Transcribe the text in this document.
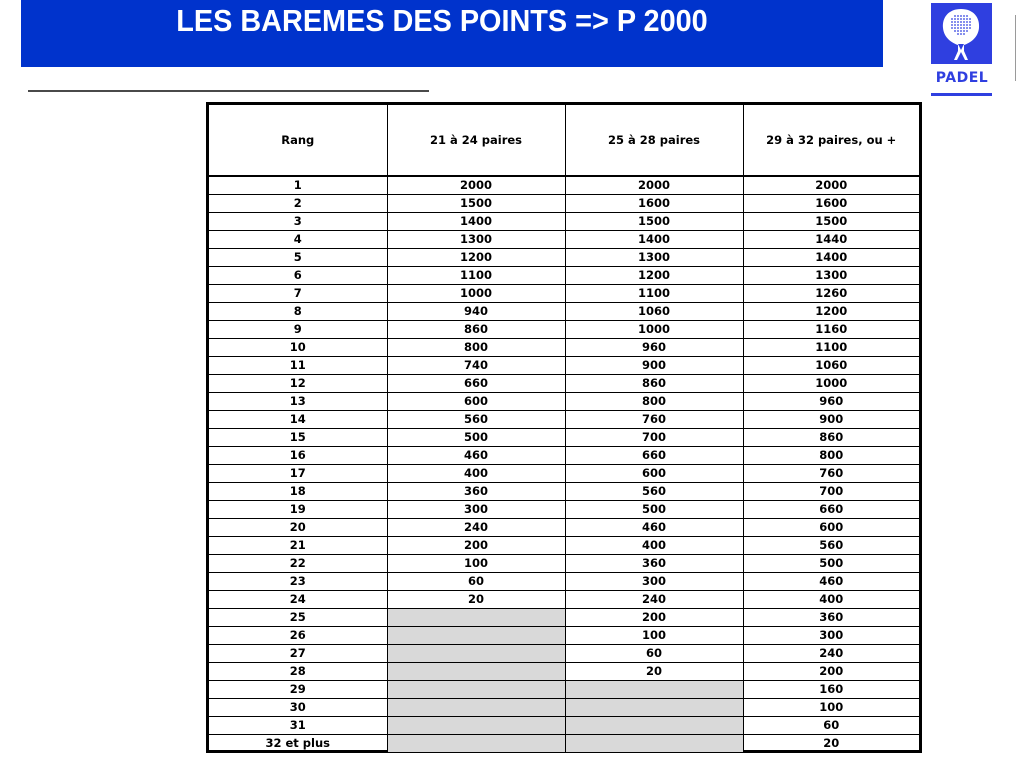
LES BAREMES DES POINTS => P 2000
PADEL
Rang	21 à 24 paires	25 à 28 paires	29 à 32 paires, ou +
1	2000	2000	2000
2	1500	1600	1600
3	1400	1500	1500
4	1300	1400	1440
5	1200	1300	1400
6	1100	1200	1300
7	1000	1100	1260
8	940	1060	1200
9	860	1000	1160
10	800	960	1100
11	740	900	1060
12	660	860	1000
13	600	800	960
14	560	760	900
15	500	700	860
16	460	660	800
17	400	600	760
18	360	560	700
19	300	500	660
20	240	460	600
21	200	400	560
22	100	360	500
23	60	300	460
24	20	240	400
25		200	360
26		100	300
27		60	240
28		20	200
29			160
30			100
31			60
32 et plus			20
